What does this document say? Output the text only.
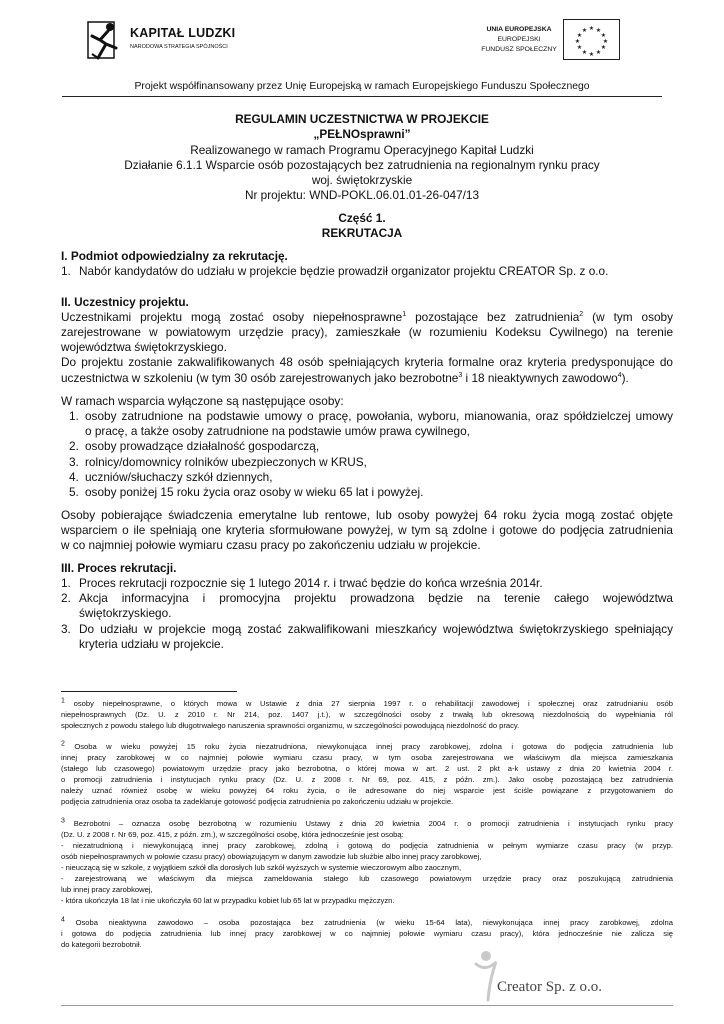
KAPITAŁ LUDZKI
NARODOWA STRATEGIA SPÓJNOŚCI
UNIA EUROPEJSKA
EUROPEJSKI
FUNDUSZ SPOŁECZNY
★ ★
★
★
★
★
★
★
★
★
★
★
Projekt współfinansowany przez Unię Europejską w ramach Europejskiego Funduszu Społecznego
REGULAMIN UCZESTNICTWA W PROJEKCIE
„PEŁNOsprawni”
Realizowanego w ramach Programu Operacyjnego Kapitał Ludzki
Działanie 6.1.1 Wsparcie osób pozostających bez zatrudnienia na regionalnym rynku pracy
woj. świętokrzyskie
Nr projektu: WND-POKL.06.01.01-26-047/13
Część 1.
REKRUTACJA
I. Podmiot odpowiedzialny za rekrutację.
1. Nabór kandydatów do udziału w projekcie będzie prowadził organizator projektu CREATOR Sp. z o.o.
II. Uczestnicy projektu.
Uczestnikami projektu mogą zostać osoby niepełnosprawne$^1$ pozostające bez zatrudnienia$^2$ (w tym osoby
zarejestrowane w powiatowym urzędzie pracy), zamieszkałe (w rozumieniu Kodeksu Cywilnego) na terenie
województwa świętokrzyskiego.
Do projektu zostanie zakwalifikowanych 48 osób spełniających kryteria formalne oraz kryteria predysponujące do
uczestnictwa w szkoleniu (w tym 30 osób zarejestrowanych jako bezrobotne$^3$ i 18 nieaktywnych zawodowo$^4$).
W ramach wsparcia wyłączone są następujące osoby:
1. osoby zatrudnione na podstawie umowy o pracę, powołania, wyboru, mianowania, oraz spółdzielczej umowy
o pracę, a także osoby zatrudnione na podstawie umów prawa cywilnego,
2. osoby prowadzące działalność gospodarczą,
3. rolnicy/domownicy rolników ubezpieczonych w KRUS,
4. uczniów/słuchaczy szkół dziennych,
5. osoby poniżej 15 roku życia oraz osoby w wieku 65 lat i powyżej.
Osoby pobierające świadczenia emerytalne lub rentowe, lub osoby powyżej 64 roku życia mogą zostać objęte
wsparciem o ile spełniają one kryteria sformułowane powyżej, w tym są zdolne i gotowe do podjęcia zatrudnienia
w co najmniej połowie wymiaru czasu pracy po zakończeniu udziału w projekcie.
III. Proces rekrutacji.
1. Proces rekrutacji rozpocznie się 1 lutego 2014 r. i trwać będzie do końca września 2014r.
2. Akcja informacyjna i promocyjna projektu prowadzona będzie na terenie całego województwa
świętokrzyskiego.
3. Do udziału w projekcie mogą zostać zakwalifikowani mieszkańcy województwa świętokrzyskiego spełniający
kryteria udziału w projekcie.
$^1$ osoby niepełnosprawne, o których mowa w Ustawie z dnia 27 sierpnia 1997 r. o rehabilitacji zawodowej i społecznej oraz zatrudnianiu osób
niepełnosprawnych (Dz. U. z 2010 r. Nr 214, poz. 1407 j.t.), w szczególności osoby z trwałą lub okresową niezdolnością do wypełniania ról
społecznych z powodu stałego lub długotrwałego naruszenia sprawności organizmu, w szczególności powodującą niezdolność do pracy.
$^2$ Osoba w wieku powyżej 15 roku życia niezatrudniona, niewykonująca innej pracy zarobkowej, zdolna i gotowa do podjęcia zatrudnienia lub
innej pracy zarobkowej w co najmniej połowie wymiaru czasu pracy, w tym osoba zarejestrowana we właściwym dla miejsca zamieszkania
(stałego lub czasowego) powiatowym urzędzie pracy jako bezrobotna, o której mowa w art. 2 ust. 2 pkt a-k ustawy z dnia 20 kwietnia 2004 r.
o promocji zatrudnienia i instytucjach rynku pracy (Dz. U. z 2008 r. Nr 69, poz. 415, z późn. zm.). Jako osobę pozostającą bez zatrudnienia
należy uznać również osobę w wieku powyżej 64 roku życia, o ile adresowane do niej wsparcie jest ściśle powiązane z przygotowaniem do
podjęcia zatrudnienia oraz osoba ta zadeklaruje gotowość podjęcia zatrudnienia po zakończeniu udziału w projekcie.
$^3$ Bezrobotni – oznacza osobę bezrobotną w rozumieniu Ustawy z dnia 20 kwietnia 2004 r. o promocji zatrudnienia i instytucjach rynku pracy
(Dz. U. z 2008 r. Nr 69, poz. 415, z późn. zm.), w szczególności osobę, która jednocześnie jest osobą:
- niezatrudnioną i niewykonującą innej pracy zarobkowej, zdolną i gotową do podjęcia zatrudnienia w pełnym wymiarze czasu pracy (w przyp.
osób niepełnosprawnych w połowie czasu pracy) obowiązującym w danym zawodzie lub służbie albo innej pracy zarobkowej,
- nieuczącą się w szkole, z wyjątkiem szkół dla dorosłych lub szkół wyższych w systemie wieczorowym albo zaocznym,
- zarejestrowaną we właściwym dla miejsca zameldowania stałego lub czasowego powiatowym urzędzie pracy oraz poszukującą zatrudnienia
lub innej pracy zarobkowej,
- która ukończyła 18 lat i nie ukończyła 60 lat w przypadku kobiet lub 65 lat w przypadku mężczyzn.
$^4$ Osoba nieaktywna zawodowo – osoba pozostająca bez zatrudnienia (w wieku 15-64 lata), niewykonująca innej pracy zarobkowej, zdolna
i gotowa do podjęcia zatrudnienia lub innej pracy zarobkowej w co najmniej połowie wymiaru czasu pracy), która jednocześnie nie zalicza się
do kategorii bezrobotnił.
Creator Sp. z o.o.
